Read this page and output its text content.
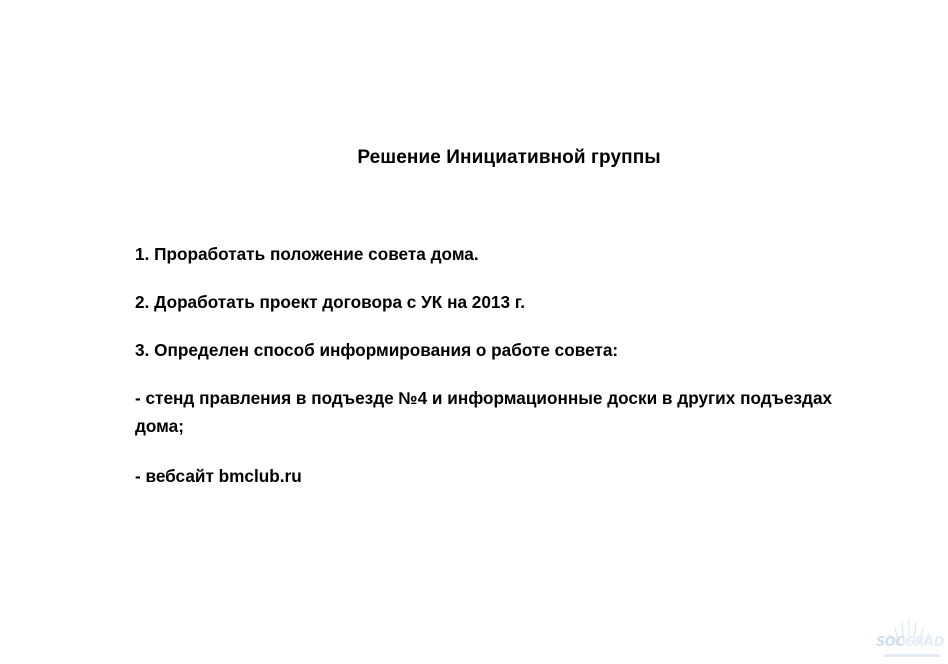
Решение Инициативной группы

1. Проработать положение совета дома.

2. Доработать проект договора с УК на 2013 г.

3. Определен способ информирования о работе совета:

- стенд правления в подъезде №4 и информационные доски в других подъездах дома;

- вебсайт bmclub.ru

SOCGRAD
